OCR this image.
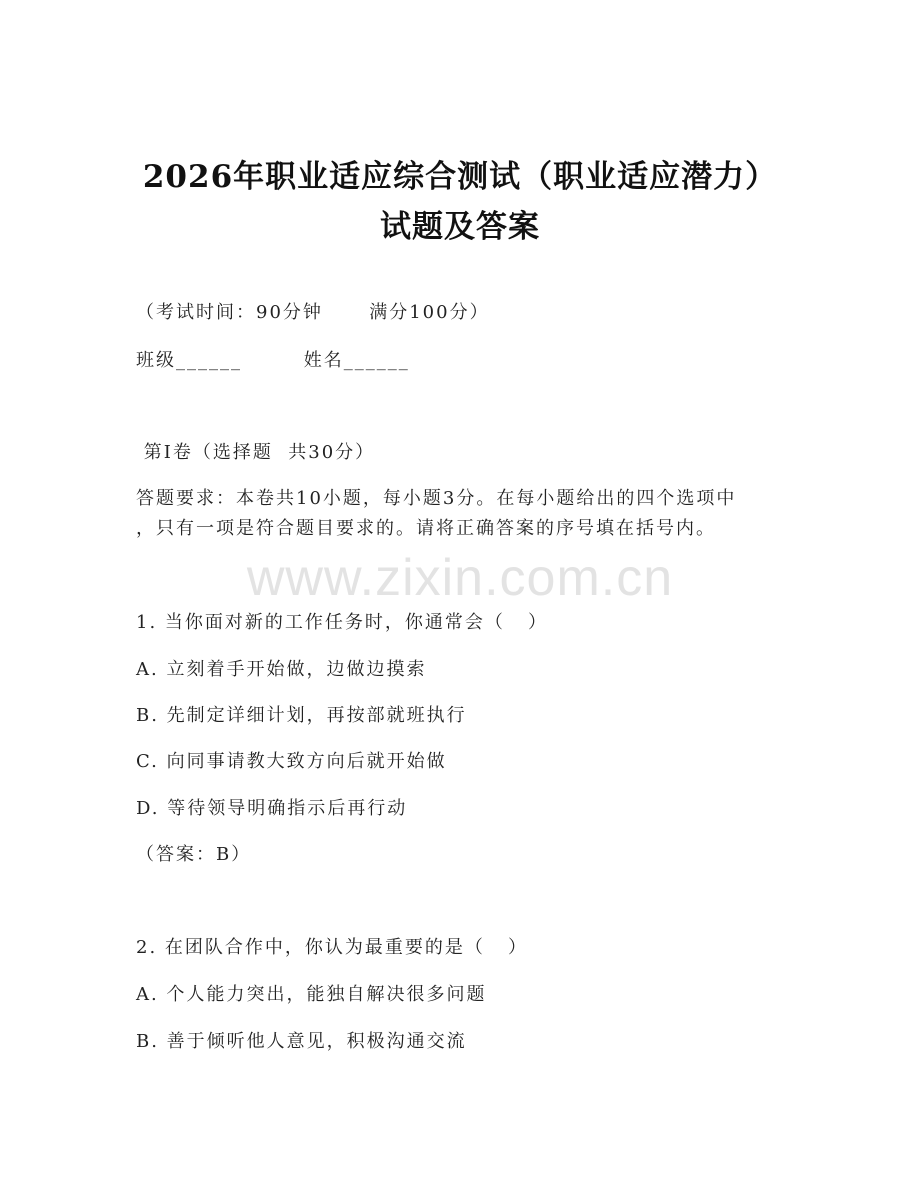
2026年职业适应综合测试（职业适应潜力）
试题及答案
（考试时间：90分钟      满分100分）
班级______        姓名______
第Ⅰ卷（选择题  共30分）
答题要求：本卷共10小题，每小题3分。在每小题给出的四个选项中
，只有一项是符合题目要求的。请将正确答案的序号填在括号内。
www.zixin.com.cn
1. 当你面对新的工作任务时，你通常会（   ）
A. 立刻着手开始做，边做边摸索
B. 先制定详细计划，再按部就班执行
C. 向同事请教大致方向后就开始做
D. 等待领导明确指示后再行动
（答案：B）
2. 在团队合作中，你认为最重要的是（   ）
A. 个人能力突出，能独自解决很多问题
B. 善于倾听他人意见，积极沟通交流
